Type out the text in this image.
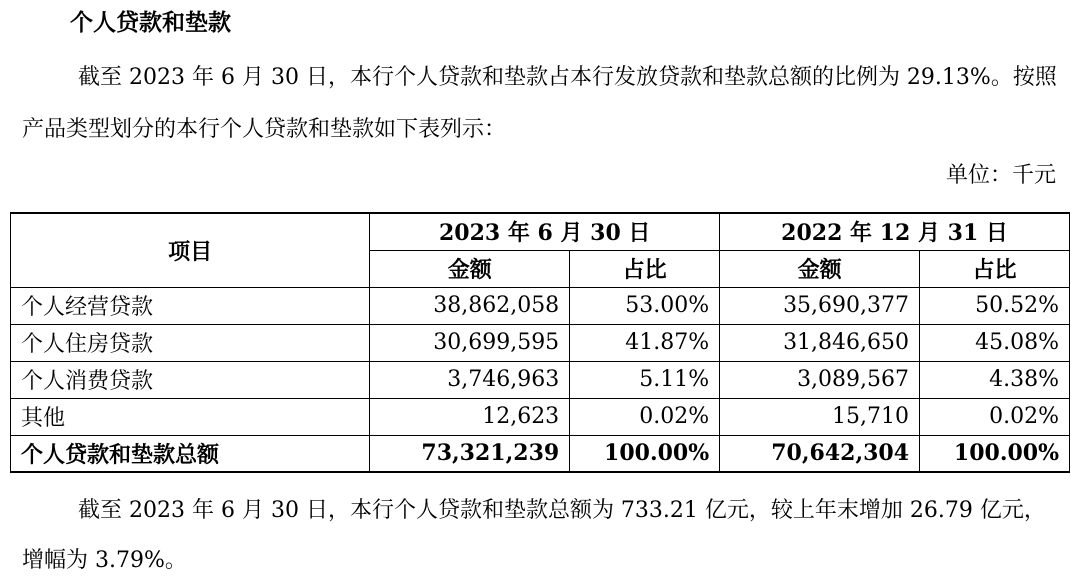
个人贷款和垫款
截至 2023 年 6 月 30 日，本行个人贷款和垫款占本行发放贷款和垫款总额的比例为 29.13%。按照产品类型划分的本行个人贷款和垫款如下表列示：
单位：千元
项目	2023 年 6 月 30 日		2022 年 12 月 31 日	
	金额	占比	金额	占比
个人经营贷款	38,862,058	53.00%	35,690,377	50.52%
个人住房贷款	30,699,595	41.87%	31,846,650	45.08%
个人消费贷款	3,746,963	5.11%	3,089,567	4.38%
其他	12,623	0.02%	15,710	0.02%
个人贷款和垫款总额	73,321,239	100.00%	70,642,304	100.00%
截至 2023 年 6 月 30 日，本行个人贷款和垫款总额为 733.21 亿元，较上年末增加 26.79 亿元，增幅为 3.79%。
